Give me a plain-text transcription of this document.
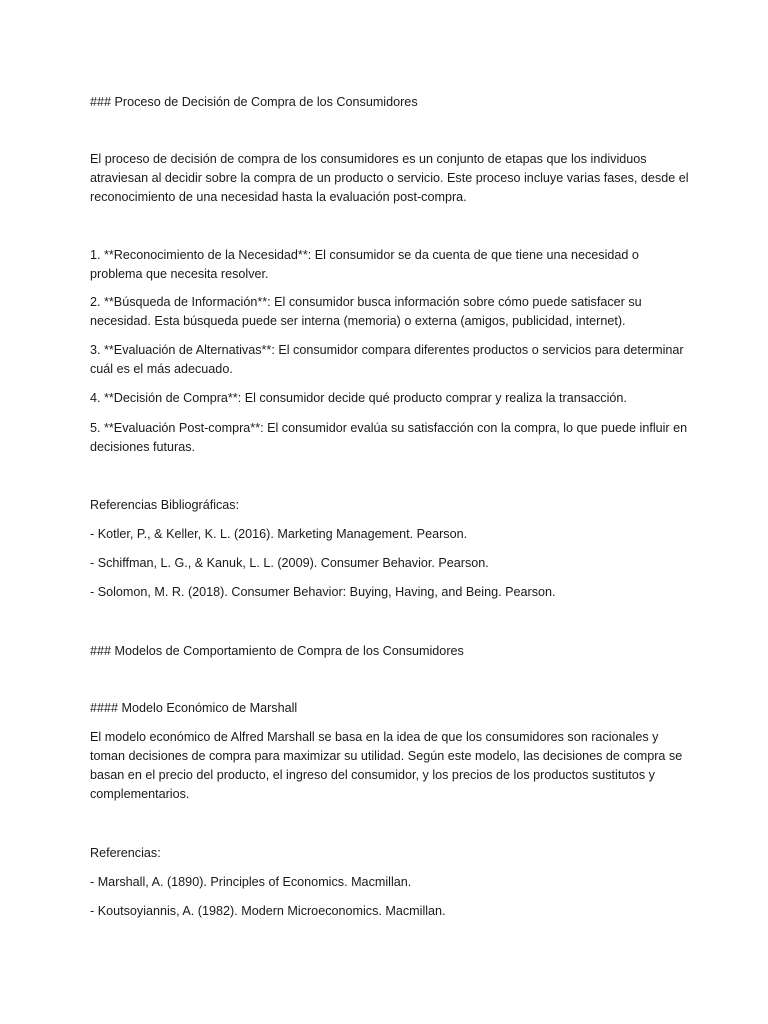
### Proceso de Decisión de Compra de los Consumidores

El proceso de decisión de compra de los consumidores es un conjunto de etapas que los individuos atraviesan al decidir sobre la compra de un producto o servicio. Este proceso incluye varias fases, desde el reconocimiento de una necesidad hasta la evaluación post-compra.

1. **Reconocimiento de la Necesidad**: El consumidor se da cuenta de que tiene una necesidad o problema que necesita resolver.

2. **Búsqueda de Información**: El consumidor busca información sobre cómo puede satisfacer su necesidad. Esta búsqueda puede ser interna (memoria) o externa (amigos, publicidad, internet).

3. **Evaluación de Alternativas**: El consumidor compara diferentes productos o servicios para determinar cuál es el más adecuado.

4. **Decisión de Compra**: El consumidor decide qué producto comprar y realiza la transacción.

5. **Evaluación Post-compra**: El consumidor evalúa su satisfacción con la compra, lo que puede influir en decisiones futuras.

Referencias Bibliográficas:

- Kotler, P., & Keller, K. L. (2016). Marketing Management. Pearson.

- Schiffman, L. G., & Kanuk, L. L. (2009). Consumer Behavior. Pearson.

- Solomon, M. R. (2018). Consumer Behavior: Buying, Having, and Being. Pearson.

### Modelos de Comportamiento de Compra de los Consumidores

#### Modelo Económico de Marshall

El modelo económico de Alfred Marshall se basa en la idea de que los consumidores son racionales y toman decisiones de compra para maximizar su utilidad. Según este modelo, las decisiones de compra se basan en el precio del producto, el ingreso del consumidor, y los precios de los productos sustitutos y complementarios.

Referencias:

- Marshall, A. (1890). Principles of Economics. Macmillan.

- Koutsoyiannis, A. (1982). Modern Microeconomics. Macmillan.
